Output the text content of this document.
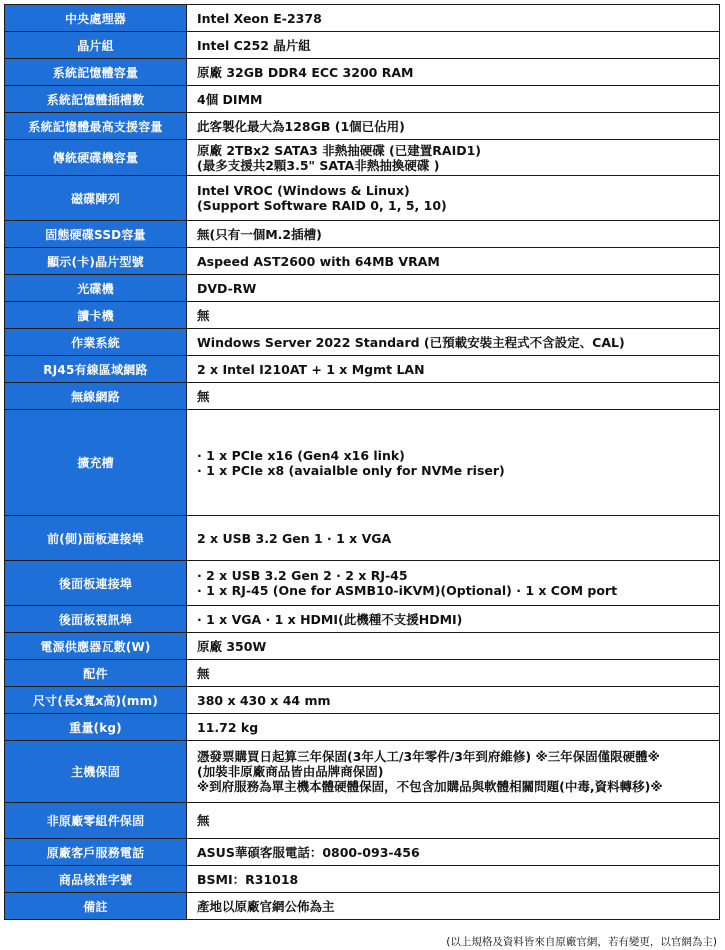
中央處理器	Intel Xeon E-2378

晶片組	Intel C252 晶片組

系統記憶體容量	原廠 32GB DDR4 ECC 3200 RAM

系統記憶體插槽數	4個 DIMM

系統記憶體最高支援容量	此客製化最大為128GB (1個已佔用)

傳統硬碟機容量	原廠 2TBx2 SATA3 非熱抽硬碟 (已建置RAID1)
(最多支援共2顆3.5" SATA非熱抽換硬碟 )

磁碟陣列	Intel VROC (Windows & Linux)
(Support Software RAID 0, 1, 5, 10)

固態硬碟SSD容量	無(只有一個M.2插槽)

顯示(卡)晶片型號	Aspeed AST2600 with 64MB VRAM

光碟機	DVD-RW

讀卡機	無

作業系統	Windows Server 2022 Standard (已預載安裝主程式不含設定、CAL)

RJ45有線區域網路	2 x Intel I210AT + 1 x Mgmt LAN

無線網路	無

擴充槽	· 1 x PCIe x16 (Gen4 x16 link)
· 1 x PCIe x8 (avaialble only for NVMe riser)

前(側)面板連接埠	2 x USB 3.2 Gen 1 · 1 x VGA

後面板連接埠	· 2 x USB 3.2 Gen 2 · 2 x RJ-45
· 1 x RJ-45 (One for ASMB10-iKVM)(Optional) · 1 x COM port

後面板視訊埠	· 1 x VGA · 1 x HDMI(此機種不支援HDMI)

電源供應器瓦數(W)	原廠 350W

配件	無

尺寸(長x寬x高)(mm)	380 x 430 x 44 mm

重量(kg)	11.72 kg

主機保固	憑發票購買日起算三年保固(3年人工/3年零件/3年到府維修) ※三年保固僅限硬體※
(加裝非原廠商品皆由品牌商保固)
※到府服務為單主機本體硬體保固，不包含加購品與軟體相關問題(中毒,資料轉移)※

非原廠零組件保固	無

原廠客戶服務電話	ASUS華碩客服電話：0800-093-456

商品核准字號	BSMI：R31018

備註	產地以原廠官網公佈為主
(以上規格及資料皆來自原廠官網，若有變更，以官網為主)
